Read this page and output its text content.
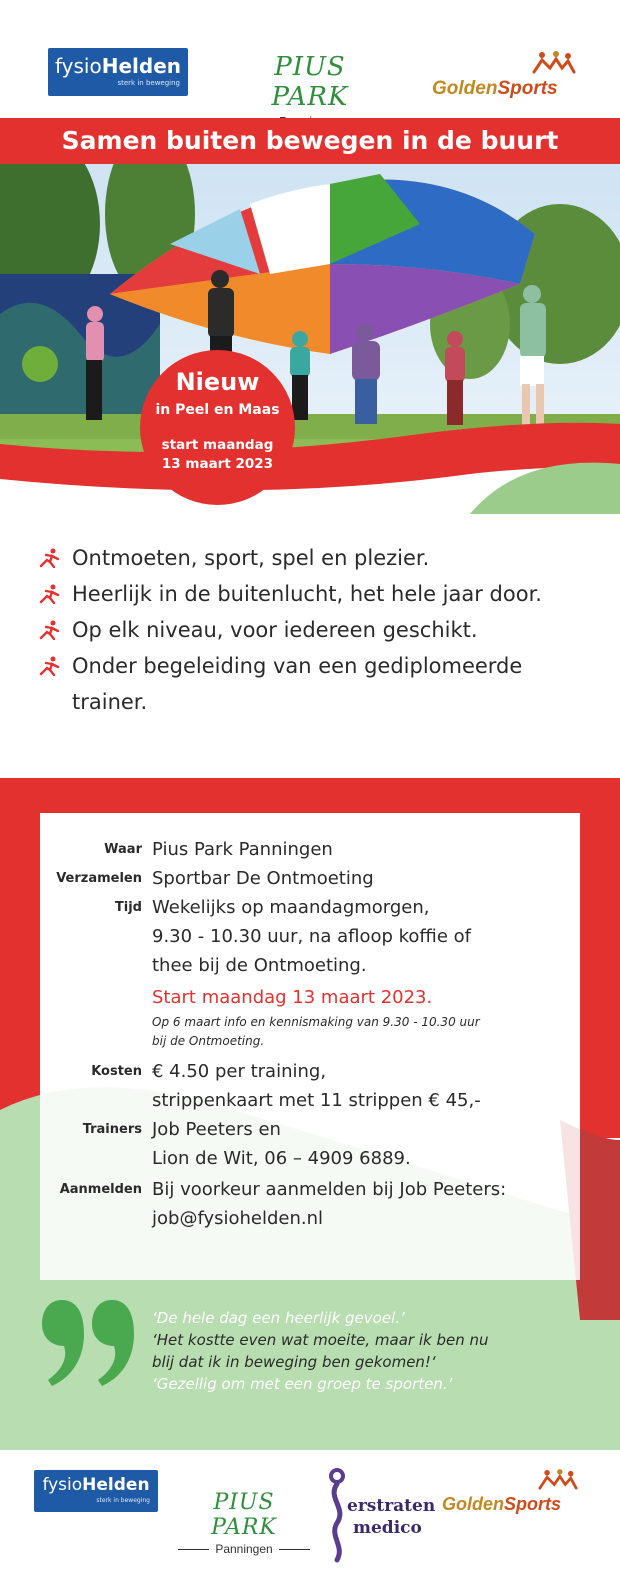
fysioHelden
sterk in beweging
PIUS PARK	GoldenSports
Samen buiten bewegen in de buurt
Nieuw
in Peel en Maas
start maandag
13 maart 2023
Ontmoeten, sport, spel en plezier.
Heerlijk in de buitenlucht, het hele jaar door.
Op elk niveau, voor iedereen geschikt.
Onder begeleiding van een gediplomeerde trainer.
Waar Pius Park Panningen
Verzamelen Sportbar De Ontmoeting
Tijd Wekelijks op maandagmorgen,
9.30 - 10.30 uur, na afloop koffie of
thee bij de Ontmoeting.
Start maandag 13 maart 2023.
Op 6 maart info en kennismaking van 9.30 - 10.30 uur
bij de Ontmoeting.
Kosten € 4.50 per training,
strippenkaart met 11 strippen € 45,-
Trainers Job Peeters en
Lion de Wit, 06 – 4909 6889.
Aanmelden Bij voorkeur aanmelden bij Job Peeters:
job@fysiohelden.nl
‘De hele dag een heerlijk gevoel.’
‘Het kostte even wat moeite, maar ik ben nu
blij dat ik in beweging ben gekomen!‘
‘Gezellig om met een groep te sporten.’
fysioHelden
sterk in beweging	PIUS PARK
Panningen
erstraten
medico
GoldenSports
